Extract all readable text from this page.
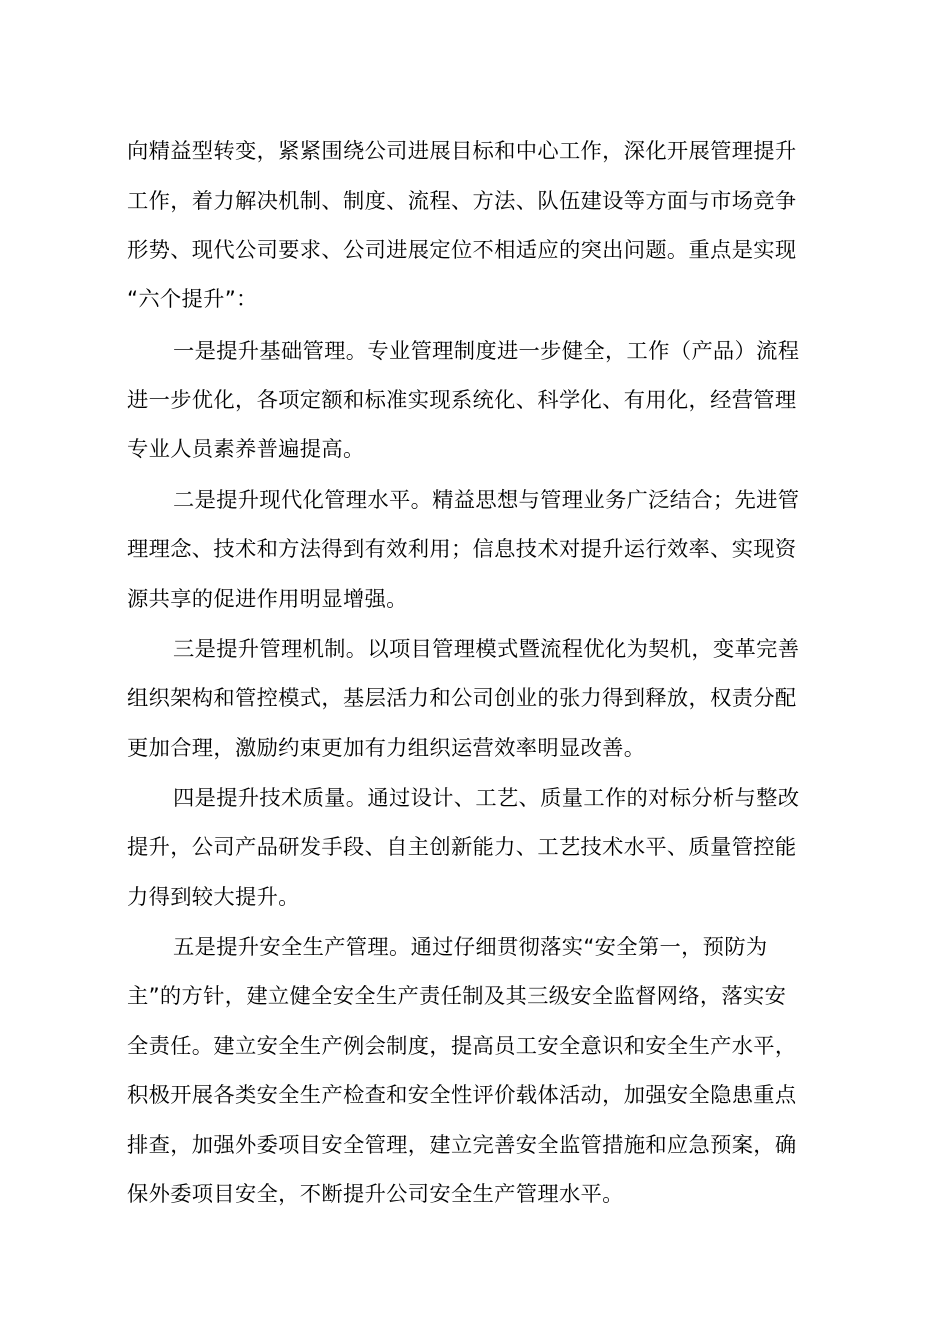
向精益型转变，紧紧围绕公司进展目标和中心工作，深化开展管理提升
工作，着力解决机制、制度、流程、方法、队伍建设等方面与市场竞争
形势、现代公司要求、公司进展定位不相适应的突出问题。重点是实现
“六个提升”：
一是提升基础管理。专业管理制度进一步健全，工作（产品）流程
进一步优化，各项定额和标准实现系统化、科学化、有用化，经营管理
专业人员素养普遍提高。
二是提升现代化管理水平。精益思想与管理业务广泛结合；先进管
理理念、技术和方法得到有效利用；信息技术对提升运行效率、实现资
源共享的促进作用明显增强。
三是提升管理机制。以项目管理模式暨流程优化为契机，变革完善
组织架构和管控模式，基层活力和公司创业的张力得到释放，权责分配
更加合理，激励约束更加有力组织运营效率明显改善。
四是提升技术质量。通过设计、工艺、质量工作的对标分析与整改
提升，公司产品研发手段、自主创新能力、工艺技术水平、质量管控能
力得到较大提升。
五是提升安全生产管理。通过仔细贯彻落实“安全第一，预防为
主”的方针，建立健全安全生产责任制及其三级安全监督网络，落实安
全责任。建立安全生产例会制度，提高员工安全意识和安全生产水平，
积极开展各类安全生产检查和安全性评价载体活动，加强安全隐患重点
排查，加强外委项目安全管理，建立完善安全监管措施和应急预案，确
保外委项目安全，不断提升公司安全生产管理水平。
